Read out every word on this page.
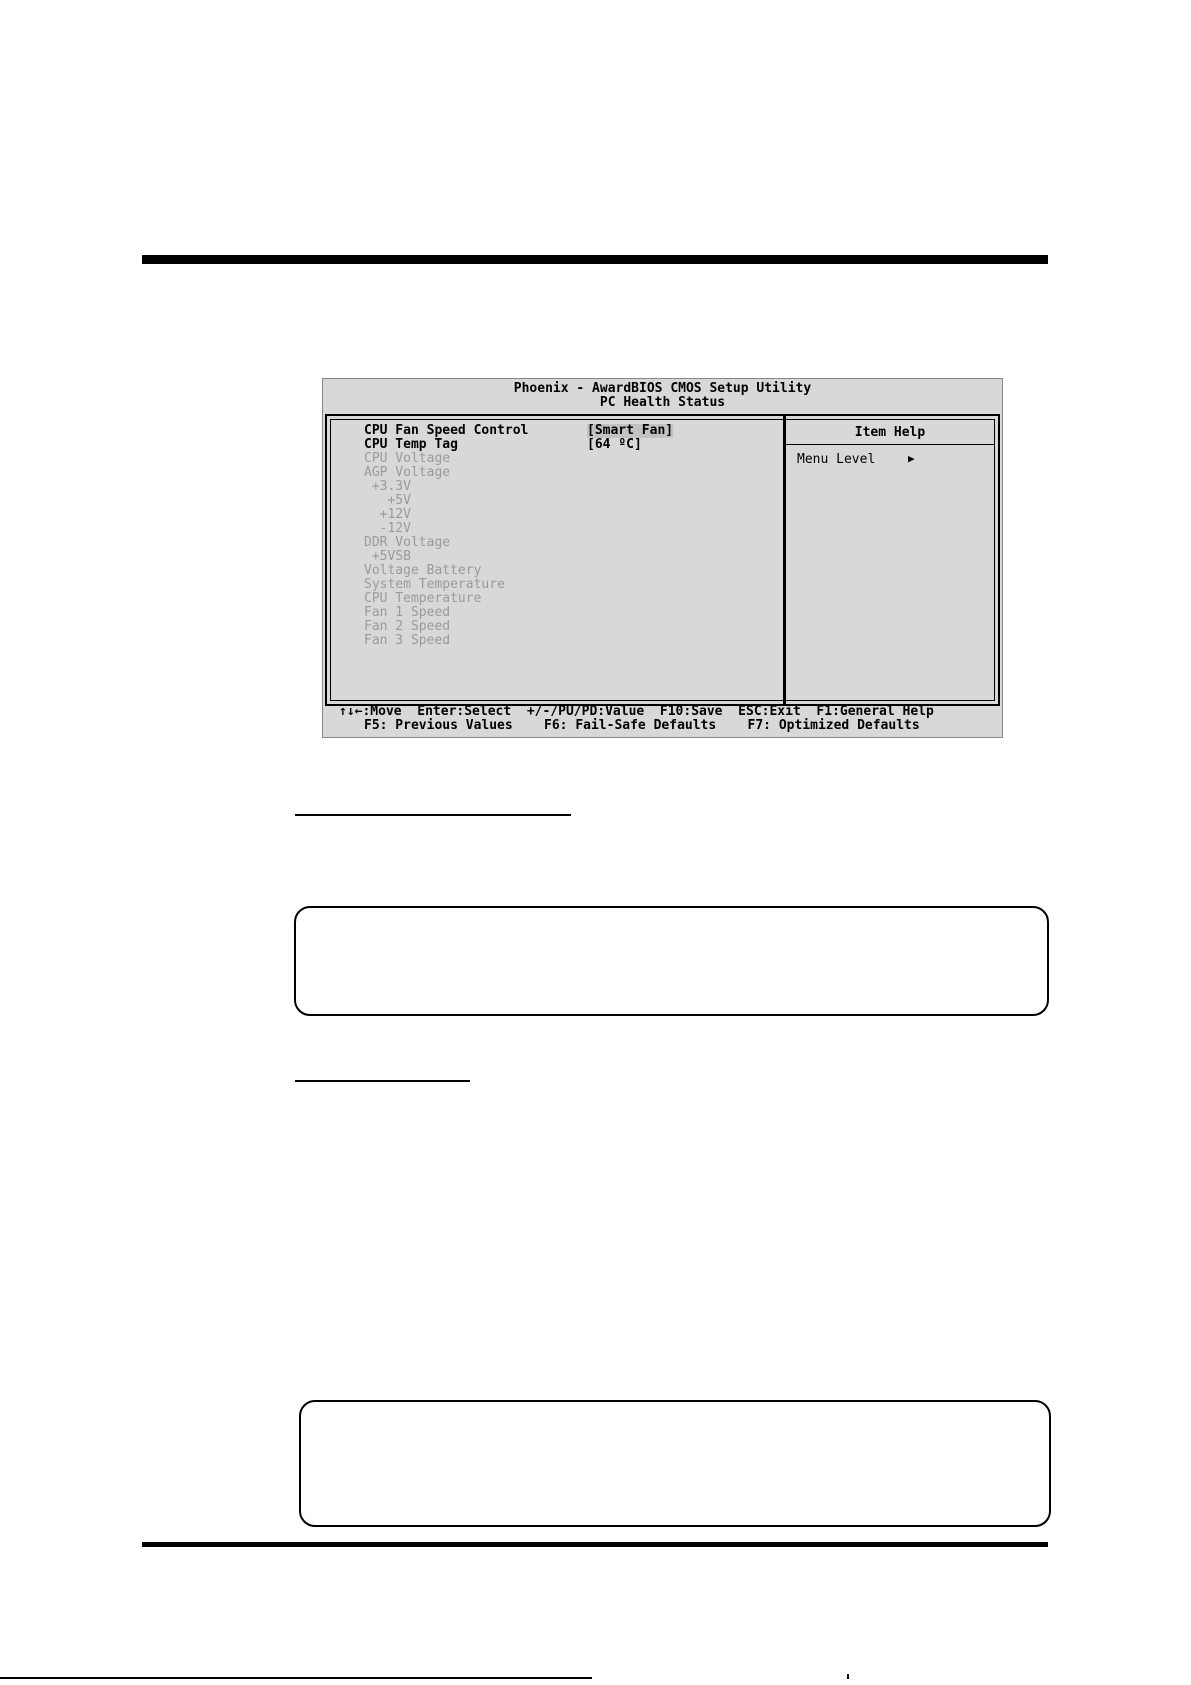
Phoenix - AwardBIOS CMOS Setup Utility
PC Health Status
Item Help
Menu Level	▶
CPU Fan Speed Control	[Smart Fan]
CPU Temp Tag	[64 ºC]
CPU Voltage
AGP Voltage
+3.3V
+5V
+12V
-12V
DDR Voltage
+5VSB
Voltage Battery
System Temperature
CPU Temperature
Fan 1 Speed
Fan 2 Speed
Fan 3 Speed
↑↓←:Move  Enter:Select  +/-/PU/PD:Value  F10:Save  ESC:Exit  F1:General Help
F5: Previous Values    F6: Fail-Safe Defaults    F7: Optimized Defaults
